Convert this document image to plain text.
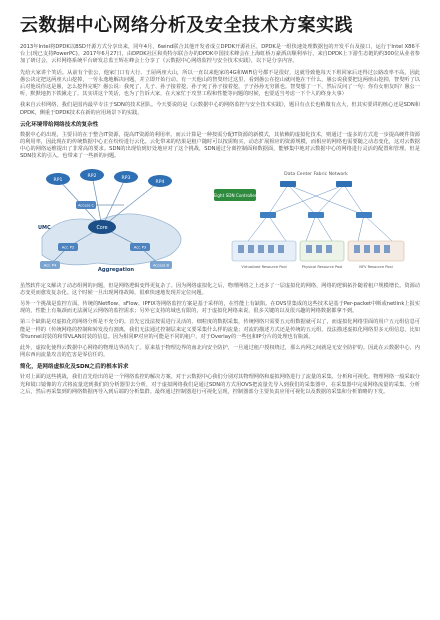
云数据中心网络分析及安全技术方案实践

2013年Intel将DPDK以BSD开源方式分享出来，同年4月，6wind联合其他开发者成立DPDK开源社区，DPDK是一组快速处理数据包的开发平台及接口，运行于Intel X86平台上(现已支持PowerPC)。2017年6月27日，由DPDK社区和英特尔联合办的DPDK中国技术峰会在上海虹桥万豪酒店顺利举行，来自DPDK上下游生态链的约300位从业者参加了研讨会，云杉网络系统平台研发总监王辉在峰会上分享了《云数据中心网络监控与安全技术实践》，以下是分享内容。

先给大家讲个笑话。从前有个张公，他家门口有大行、王屋两座大山，所以一直以来他家的4G和WiFi信号都不是很好，这就导致他每天下班回家后还得过公路改率不高。因此愚公决定把这两座大山挖掉，一劳永逸地解决问题，并立即开始行动。有一天他山的智叟经过这里，看到愚公在挖山就问他在干什么，愚公说我要把这两座山挖掉，智叟听了以后对他说你这是愚，怎么挖得完呢？愚公说：我死了，儿子、孙子接着挖，孙子死了孙子接着挖，子子孙孙无穷匮也。智叟想了一下，然后反问了一句：你有女朋友吗？愚公一听，默默地扔下铁锹走了。其实讲这个笑话，也为了告诉大家，在大家忙于攻坚工程和性能等问题的时候，也要适当考虑一下个人的终身大事）

我来自云杉网络，我们是国内最早专注于SDN的技术团队。今天要说的是《云数据中心的网络监控与安全技术实践》，题目有点长也稍微有点大，但其实要讲的核心还是SDN和DPDK，侧重于DPDK技术在新的应用场景下的实践。

云化环境带给网络技术的复杂性

数据中心的出现，主要目的在于整合IT资源，提高IT资源的利用率。而云计算是一种按需分配IT资源的新模式，其依赖的虚拟化技术，则通过一虚多的方式进一步提高硬件资源的利用率，因此现在的传统数据中心正在纷纷进行云化。云化带来的结果是租户随时可以按需购买，动态扩展相应的资源规模，而相应的网络也需要随之动态变化，这对云数据中心的网络运维提出了非常高的要求。SDN的出现恰到好处地应对了这个挑战，SDN通过分离控制面和数据面，能够集中地对云数据中心的网络进行灵活的配置和管理。但是SDN技术的引入，也带来了一些新的问题。

RP1
RP2	RP3
RP4
Core
Aggregation
UMC
Acc P2	Acc P3
Acc P4	Access B
Access C
Data Center Fabric Network
Eight SDN Controller
Virtualized Resource Pool	Physical Resource Pool	NFV Resource Pool

虽然软件定义解决了动态组网的问题，但是网络逻辑变得更复杂了。因为网络虚拟化之后，物理网络之上还多了一层虚拟化的网络，网络的逻辑拓扑随着租户规模增长。资源动态变更而愈发复杂化。这个时候一旦出现网络故障，很难快速地发现并定位问题。

另外一个挑战是监控方面。传统的Netflow、sFlow、IPFIX等网络监控方案是基于采样的，在性能上有缺陷。在OVS里集成的这些技术是基于Per-packet中断或netlink上报实现的，性能上有瓶颈而无法满足云网络的监控需求；另外它支持的域也有限的，对于虚拟化网络来说，很多关键的以及很兴趣的网络数据都拿不到。

第三个缺陷是对虚拟化的网络分析是不充分的。首先它没法按需进行灵活的、细粒度的数据采集，传统网络只需要五元组数据就可以了，而虚拟化网络里面的用户五元组信息可能是一样的（传统网络的控制和转发没有割离，我们无法通过控制层来定义要采集什么样的流量；对流的描述方式还是传统的五元组，没法描述虚拟化网络里多元组信息，比如带tunnel封装的和带VLAN封装的信息。因为相同IP对应的可能是不同的租户，对于Overlay的一些包和IP分片的处理也有瓶颈。

此外，虚拟化使得云数据中心网络的物理边界消失了。原来基于物理边界的南北向安全防护，一旦通过租户授权绕过，那么内网之间就是无安全防护的。因此在云数据中心，内网东西向流量攻击的危害是零信任的。

简化，是网络虚拟化及SDN之后的根本诉求

针对上面的这些挑战，我们首先给出的是一个网络监控的解决方案。对于云数据中心我们分别对其物理网络和虚拟网络进行了流量的采集、分析和可视化。物理网络一般采取分光和镜口镜像的方式将流量送到我们的分析器里去分析，对于虚拟网络我们是通过SDN的方式用OVS把流量先导入到我们的采集器中，在采集器中完成网络流量的采集、分析之后，然后再采集到的网络数据再导入到后端的分析集群。最终通过控制器进行可视化呈现，控制器部分主要负责应用可视化以及数据的采集和分析策略的下发。
